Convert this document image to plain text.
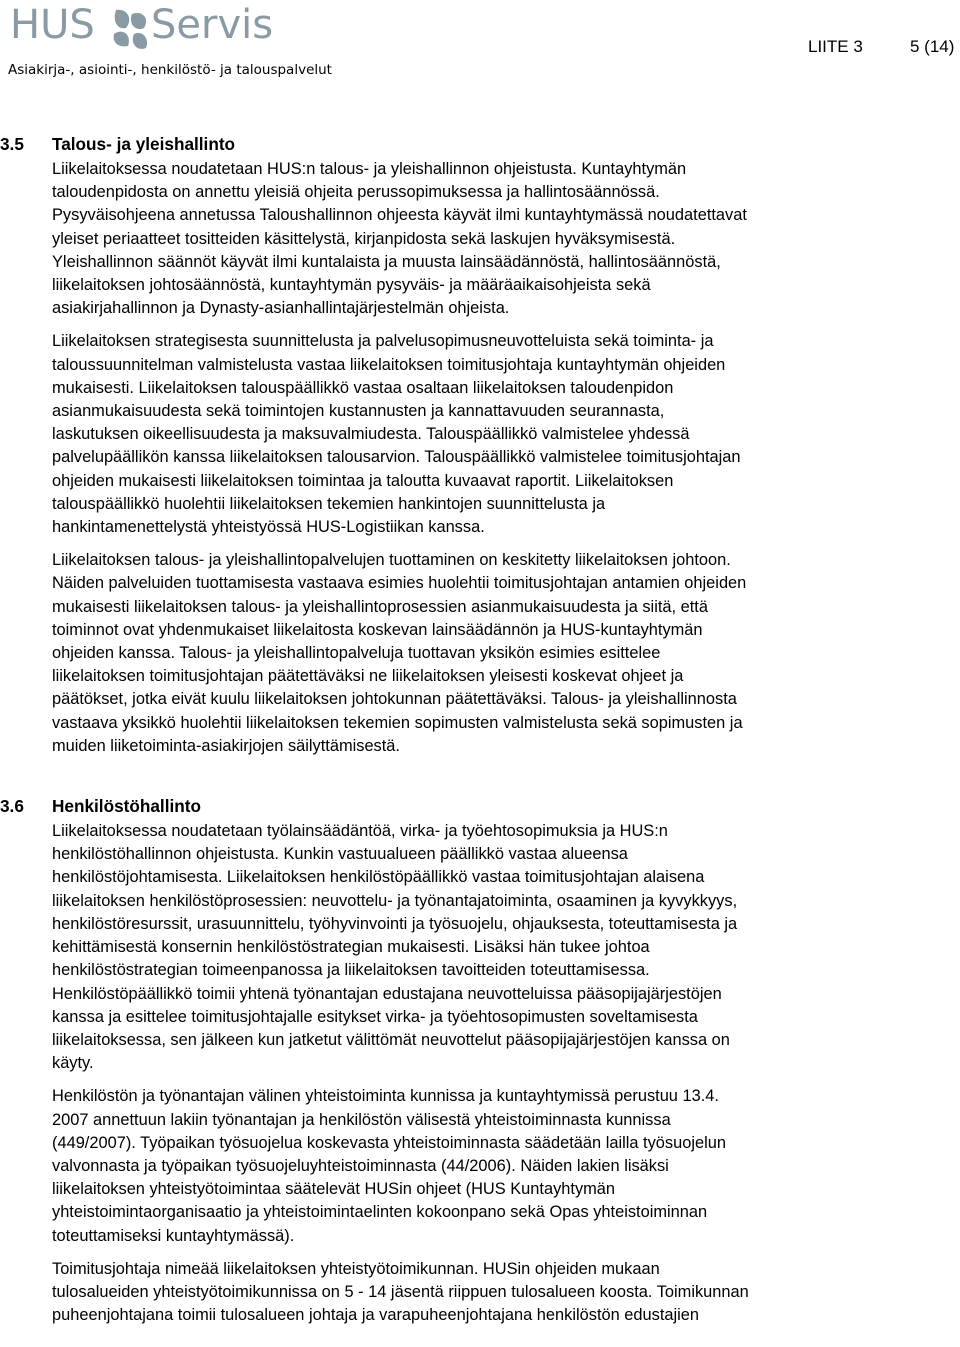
HUS Servis
Asiakirja-, asiointi-, henkilöstö- ja talouspalvelut
LIITE 3	5 (14)
3.5 Talous- ja yleishallinto

Liikelaitoksessa noudatetaan HUS:n talous- ja yleishallinnon ohjeistusta. Kuntayhtymän
taloudenpidosta on annettu yleisiä ohjeita perussopimuksessa ja hallintosäännössä.
Pysyväisohjeena annetussa Taloushallinnon ohjeesta käyvät ilmi kuntayhtymässä noudatettavat
yleiset periaatteet tositteiden käsittelystä, kirjanpidosta sekä laskujen hyväksymisestä.
Yleishallinnon säännöt käyvät ilmi kuntalaista ja muusta lainsäädännöstä, hallintosäännöstä,
liikelaitoksen johtosäännöstä, kuntayhtymän pysyväis- ja määräaikaisohjeista sekä
asiakirjahallinnon ja Dynasty-asianhallintajärjestelmän ohjeista.

Liikelaitoksen strategisesta suunnittelusta ja palvelusopimusneuvotteluista sekä toiminta- ja
taloussuunnitelman valmistelusta vastaa liikelaitoksen toimitusjohtaja kuntayhtymän ohjeiden
mukaisesti. Liikelaitoksen talouspäällikkö vastaa osaltaan liikelaitoksen taloudenpidon
asianmukaisuudesta sekä toimintojen kustannusten ja kannattavuuden seurannasta,
laskutuksen oikeellisuudesta ja maksuvalmiudesta. Talouspäällikkö valmistelee yhdessä
palvelupäällikön kanssa liikelaitoksen talousarvion. Talouspäällikkö valmistelee toimitusjohtajan
ohjeiden mukaisesti liikelaitoksen toimintaa ja taloutta kuvaavat raportit. Liikelaitoksen
talouspäällikkö huolehtii liikelaitoksen tekemien hankintojen suunnittelusta ja
hankintamenettelystä yhteistyössä HUS-Logistiikan kanssa.

Liikelaitoksen talous- ja yleishallintopalvelujen tuottaminen on keskitetty liikelaitoksen johtoon.
Näiden palveluiden tuottamisesta vastaava esimies huolehtii toimitusjohtajan antamien ohjeiden
mukaisesti liikelaitoksen talous- ja yleishallintoprosessien asianmukaisuudesta ja siitä, että
toiminnot ovat yhdenmukaiset liikelaitosta koskevan lainsäädännön ja HUS-kuntayhtymän
ohjeiden kanssa. Talous- ja yleishallintopalveluja tuottavan yksikön esimies esittelee
liikelaitoksen toimitusjohtajan päätettäväksi ne liikelaitoksen yleisesti koskevat ohjeet ja
päätökset, jotka eivät kuulu liikelaitoksen johtokunnan päätettäväksi. Talous- ja yleishallinnosta
vastaava yksikkö huolehtii liikelaitoksen tekemien sopimusten valmistelusta sekä sopimusten ja
muiden liiketoiminta-asiakirjojen säilyttämisestä.

3.6 Henkilöstöhallinto

Liikelaitoksessa noudatetaan työlainsäädäntöä, virka- ja työehtosopimuksia ja HUS:n
henkilöstöhallinnon ohjeistusta. Kunkin vastuualueen päällikkö vastaa alueensa
henkilöstöjohtamisesta. Liikelaitoksen henkilöstöpäällikkö vastaa toimitusjohtajan alaisena
liikelaitoksen henkilöstöprosessien: neuvottelu- ja työnantajatoiminta, osaaminen ja kyvykkyys,
henkilöstöresurssit, urasuunnittelu, työhyvinvointi ja työsuojelu, ohjauksesta, toteuttamisesta ja
kehittämisestä konsernin henkilöstöstrategian mukaisesti. Lisäksi hän tukee johtoa
henkilöstöstrategian toimeenpanossa ja liikelaitoksen tavoitteiden toteuttamisessa.
Henkilöstöpäällikkö toimii yhtenä työnantajan edustajana neuvotteluissa pääsopijajärjestöjen
kanssa ja esittelee toimitusjohtajalle esitykset virka- ja työehtosopimusten soveltamisesta
liikelaitoksessa, sen jälkeen kun jatketut välittömät neuvottelut pääsopijajärjestöjen kanssa on
käyty.

Henkilöstön ja työnantajan välinen yhteistoiminta kunnissa ja kuntayhtymissä perustuu 13.4.
2007 annettuun lakiin työnantajan ja henkilöstön välisestä yhteistoiminnasta kunnissa
(449/2007). Työpaikan työsuojelua koskevasta yhteistoiminnasta säädetään lailla työsuojelun
valvonnasta ja työpaikan työsuojeluyhteistoiminnasta (44/2006). Näiden lakien lisäksi
liikelaitoksen yhteistyötoimintaa säätelevät HUSin ohjeet (HUS Kuntayhtymän
yhteistoimintaorganisaatio ja yhteistoimintaelinten kokoonpano sekä Opas yhteistoiminnan
toteuttamiseksi kuntayhtymässä).

Toimitusjohtaja nimeää liikelaitoksen yhteistyötoimikunnan. HUSin ohjeiden mukaan
tulosalueiden yhteistyötoimikunnissa on 5 - 14 jäsentä riippuen tulosalueen koosta. Toimikunnan
puheenjohtajana toimii tulosalueen johtaja ja varapuheenjohtajana henkilöstön edustajien
